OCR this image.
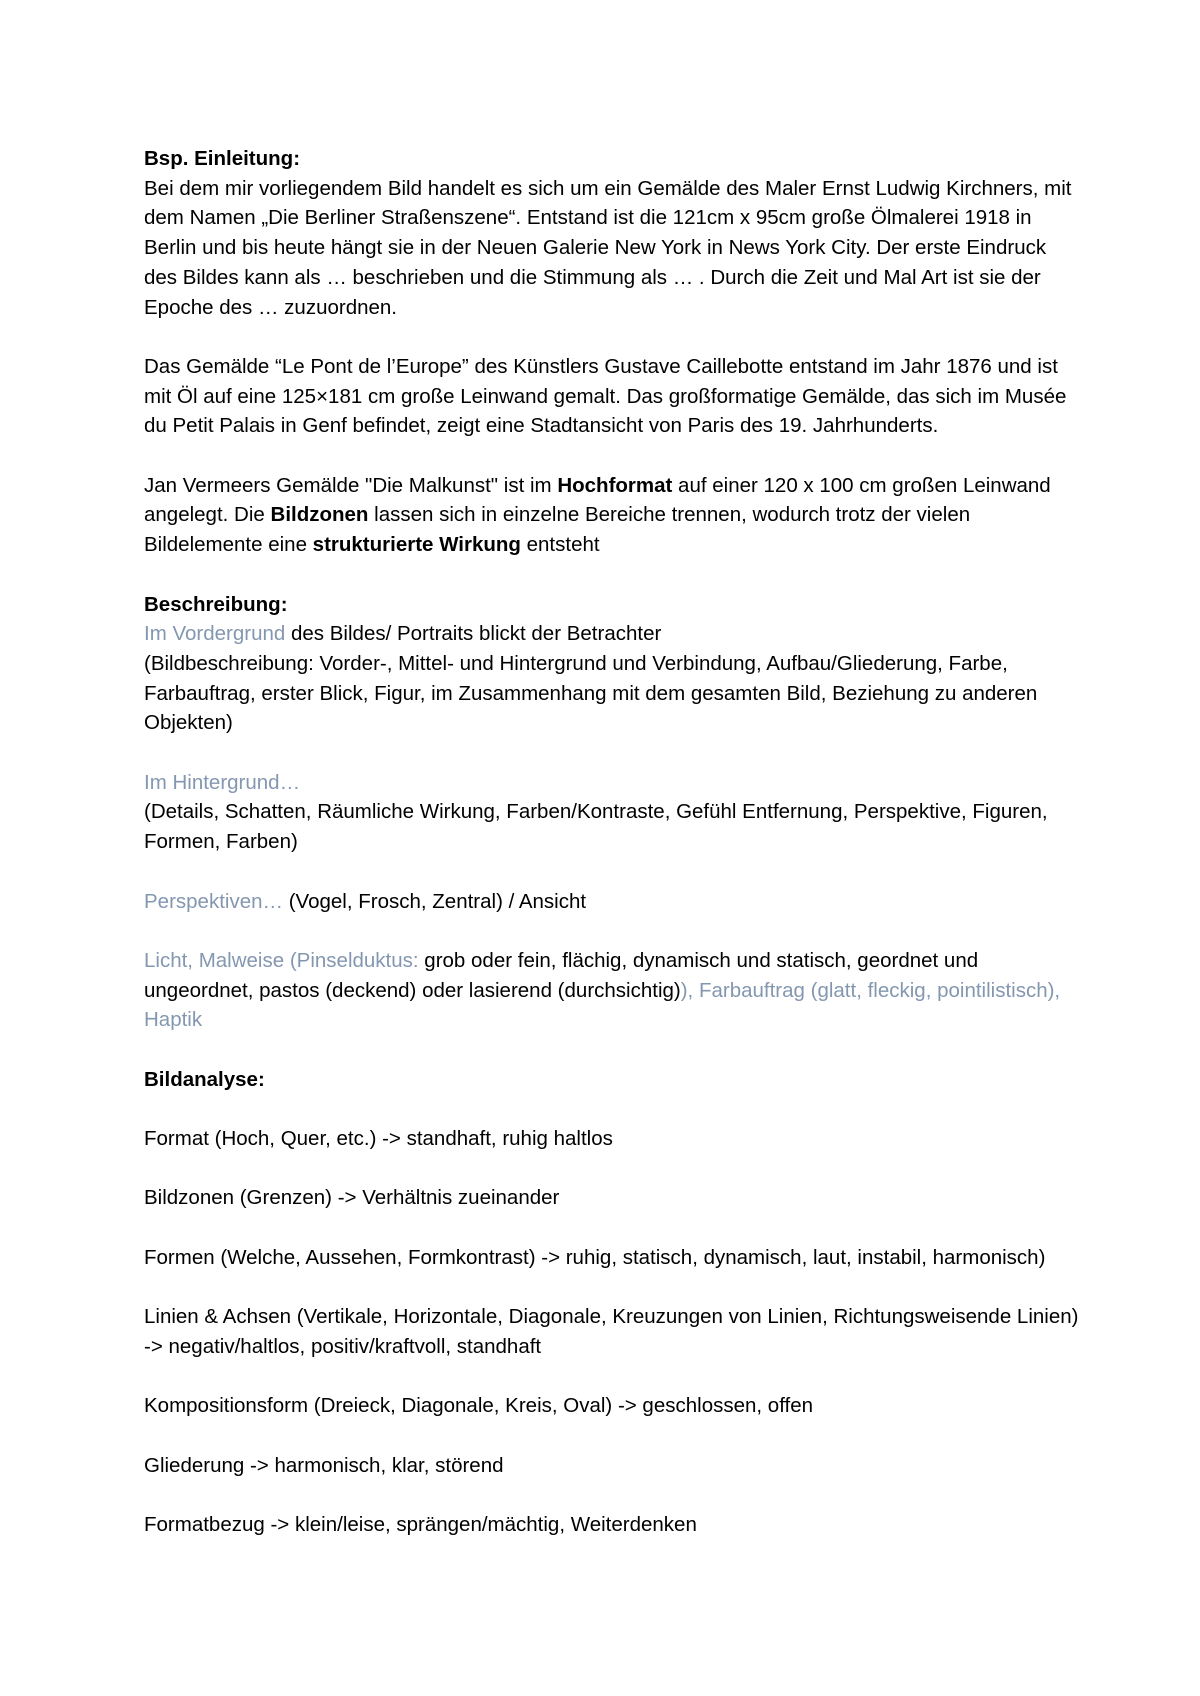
Bsp. Einleitung:

Bei dem mir vorliegendem Bild handelt es sich um ein Gemälde des Maler Ernst Ludwig Kirchners, mit dem Namen „Die Berliner Straßenszene“. Entstand ist die 121cm x 95cm große Ölmalerei 1918 in Berlin und bis heute hängt sie in der Neuen Galerie New York in News York City. Der erste Eindruck des Bildes kann als … beschrieben und die Stimmung als … . Durch die Zeit und Mal Art ist sie der Epoche des … zuzuordnen.

Das Gemälde “Le Pont de l’Europe” des Künstlers Gustave Caillebotte entstand im Jahr 1876 und ist mit Öl auf eine 125×181 cm große Leinwand gemalt. Das großformatige Gemälde, das sich im Musée du Petit Palais in Genf befindet, zeigt eine Stadtansicht von Paris des 19. Jahrhunderts.

Jan Vermeers Gemälde "Die Malkunst" ist im Hochformat auf einer 120 x 100 cm großen Leinwand angelegt. Die Bildzonen lassen sich in einzelne Bereiche trennen, wodurch trotz der vielen Bildelemente eine strukturierte Wirkung entsteht

Beschreibung:

Im Vordergrund des Bildes/ Portraits blickt der Betrachter
(Bildbeschreibung: Vorder-, Mittel- und Hintergrund und Verbindung, Aufbau/Gliederung, Farbe, Farbauftrag, erster Blick, Figur, im Zusammenhang mit dem gesamten Bild, Beziehung zu anderen Objekten)

Im Hintergrund…
(Details, Schatten, Räumliche Wirkung, Farben/Kontraste, Gefühl Entfernung, Perspektive, Figuren, Formen, Farben)

Perspektiven… (Vogel, Frosch, Zentral) / Ansicht

Licht, Malweise (Pinselduktus: grob oder fein, flächig, dynamisch und statisch, geordnet und ungeordnet, pastos (deckend) oder lasierend (durchsichtig)), Farbauftrag (glatt, fleckig, pointilistisch), Haptik

Bildanalyse:

Format (Hoch, Quer, etc.) -> standhaft, ruhig haltlos

Bildzonen (Grenzen) -> Verhältnis zueinander

Formen (Welche, Aussehen, Formkontrast) -> ruhig, statisch, dynamisch, laut, instabil, harmonisch)

Linien & Achsen (Vertikale, Horizontale, Diagonale, Kreuzungen von Linien, Richtungsweisende Linien) -> negativ/haltlos, positiv/kraftvoll, standhaft

Kompositionsform (Dreieck, Diagonale, Kreis, Oval) -> geschlossen, offen

Gliederung -> harmonisch, klar, störend

Formatbezug -> klein/leise, sprängen/mächtig, Weiterdenken
